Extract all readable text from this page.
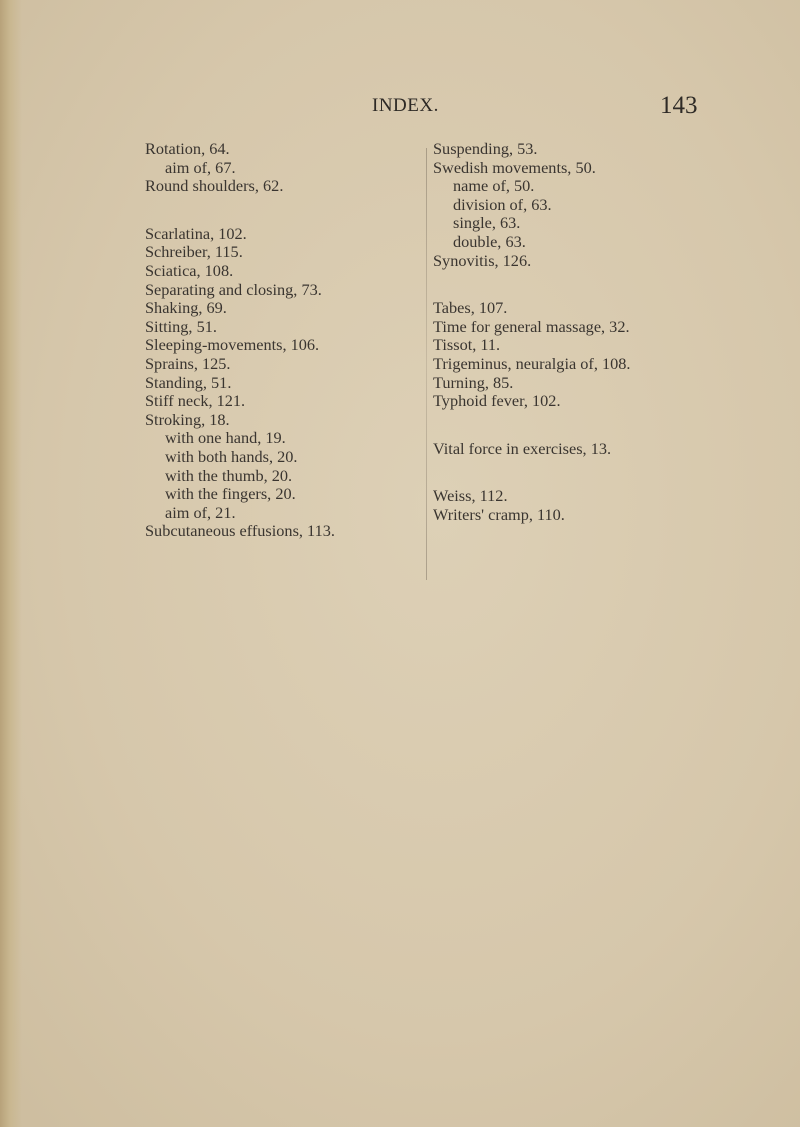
INDEX.	143
Rotation, 64.
aim of, 67.
Round shoulders, 62.
Scarlatina, 102.
Schreiber, 115.
Sciatica, 108.
Separating and closing, 73.
Shaking, 69.
Sitting, 51.
Sleeping-movements, 106.
Sprains, 125.
Standing, 51.
Stiff neck, 121.
Stroking, 18.
with one hand, 19.
with both hands, 20.
with the thumb, 20.
with the fingers, 20.
aim of, 21.
Subcutaneous effusions, 113.
Suspending, 53.
Swedish movements, 50.
name of, 50.
division of, 63.
single, 63.
double, 63.
Synovitis, 126.
Tabes, 107.
Time for general massage, 32.
Tissot, 11.
Trigeminus, neuralgia of, 108.
Turning, 85.
Typhoid fever, 102.
Vital force in exercises, 13.
Weiss, 112.
Writers' cramp, 110.
